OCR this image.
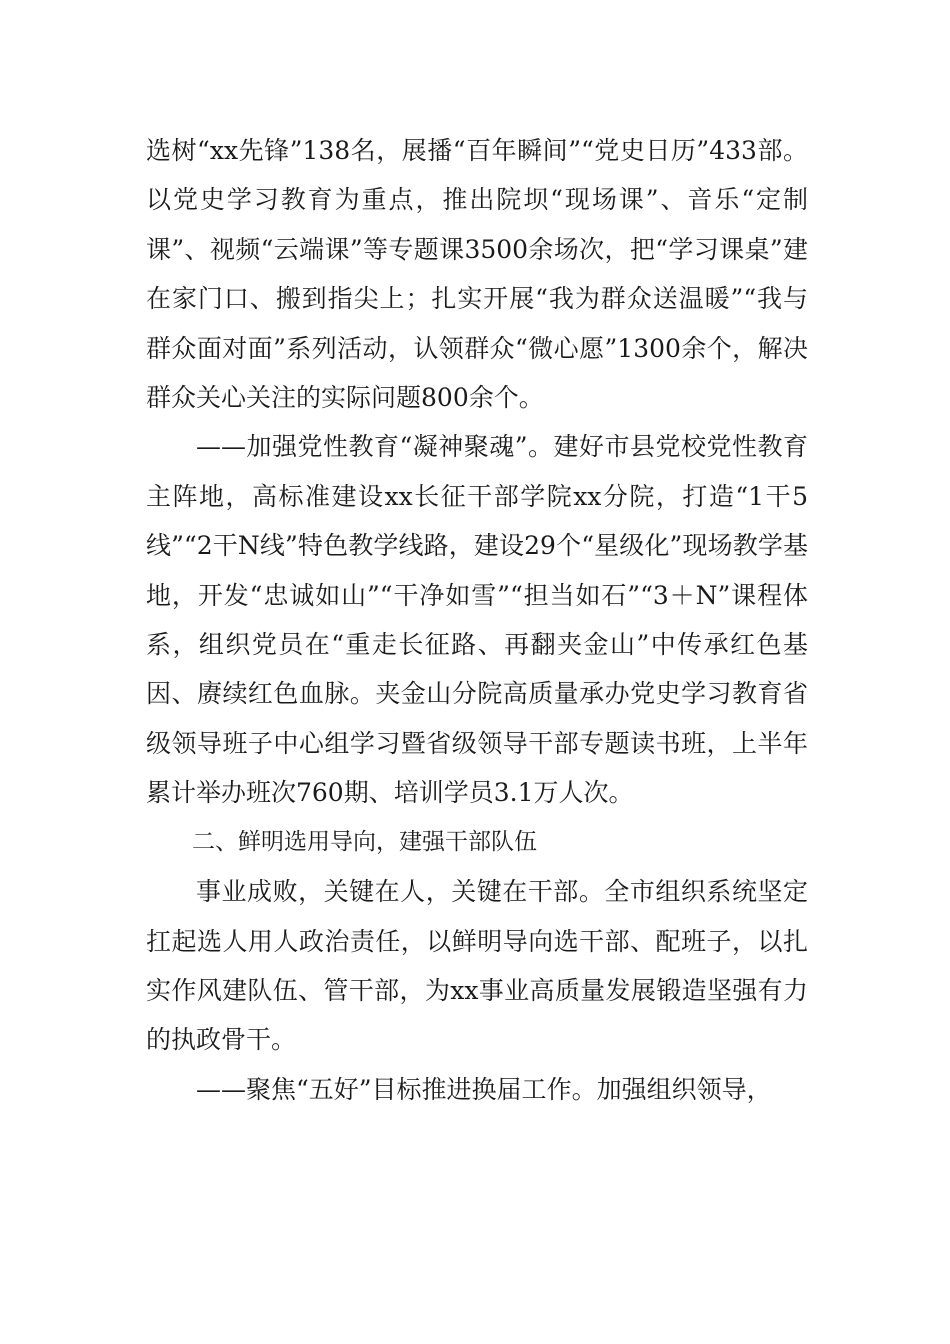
选树“xx先锋”138名，展播“百年瞬间”“党史日历”433部。以党史学习教育为重点，推出院坝“现场课”、音乐“定制课”、视频“云端课”等专题课3500余场次，把“学习课桌”建在家门口、搬到指尖上；扎实开展“我为群众送温暖”“我与群众面对面”系列活动，认领群众“微心愿”1300余个，解决群众关心关注的实际问题800余个。

——加强党性教育“凝神聚魂”。建好市县党校党性教育主阵地，高标准建设xx长征干部学院xx分院，打造“1干5线”“2干N线”特色教学线路，建设29个“星级化”现场教学基地，开发“忠诚如山”“干净如雪”“担当如石”“3＋N”课程体系，组织党员在“重走长征路、再翻夹金山”中传承红色基因、赓续红色血脉。夹金山分院高质量承办党史学习教育省级领导班子中心组学习暨省级领导干部专题读书班，上半年累计举办班次760期、培训学员3.1万人次。

二、鲜明选用导向，建强干部队伍

事业成败，关键在人，关键在干部。全市组织系统坚定扛起选人用人政治责任，以鲜明导向选干部、配班子，以扎实作风建队伍、管干部，为xx事业高质量发展锻造坚强有力的执政骨干。

——聚焦“五好”目标推进换届工作。加强组织领导，
